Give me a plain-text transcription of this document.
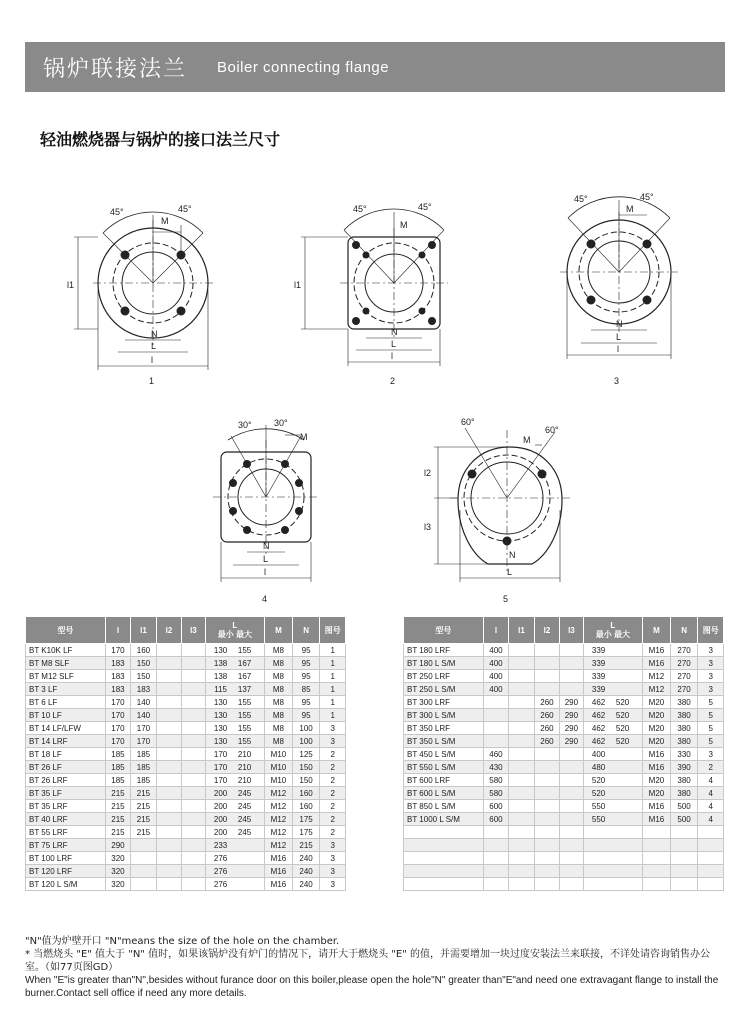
锅炉联接法兰 Boiler connecting flange
轻油燃烧器与锅炉的接口法兰尺寸
45°	45°
M
l1
N
L
l
1
45°	45°
M
l1
N
L
l
2
45°	45°
M
N
L
l
3
30° 30°
M
N
L
l
4
60°
60°
M
l2
l3
N
L
5
型号	l	l1	l2	l3	L
最小 最大	M	N	图号
BT K10K LF	170	160			130 155	M8	95	1
BT M8 SLF	183	150			138 167	M8	95	1
BT M12 SLF	183	150			138 167	M8	95	1
BT 3 LF	183	183			115 137	M8	85	1
BT 6 LF	170	140			130 155	M8	95	1
BT 10 LF	170	140			130 155	M8	95	1
BT 14 LF/LFW	170	170			130 155	M8	100	3
BT 14 LRF	170	170			130 155	M8	100	3
BT 18 LF	185	185			170 210	M10	125	2
BT 26 LF	185	185			170 210	M10	150	2
BT 26 LRF	185	185			170 210	M10	150	2
BT 35 LF	215	215			200 245	M12	160	2
BT 35 LRF	215	215			200 245	M12	160	2
BT 40 LRF	215	215			200 245	M12	175	2
BT 55 LRF	215	215			200 245	M12	175	2
BT 75 LRF	290				233	M12	215	3
BT 100 LRF	320				276	M16	240	3
BT 120 LRF	320				276	M16	240	3
BT 120 L S/M	320				276	M16	240	3
型号	l	l1	l2	l3	L
最小 最大	M	N	图号
BT 180 LRF	400				339	M16	270	3
BT 180 L S/M	400				339	M16	270	3
BT 250 LRF	400				339	M12	270	3
BT 250 L S/M	400				339	M12	270	3
BT 300 LRF			260	290	462 520	M20	380	5
BT 300 L S/M			260	290	462 520	M20	380	5
BT 350 LRF			260	290	462 520	M20	380	5
BT 350 L S/M			260	290	462 520	M20	380	5
BT 450 L S/M	460				400	M16	330	3
BT 550 L S/M	430				480	M16	390	2
BT 600 LRF	580				520	M20	380	4
BT 600 L S/M	580				520	M20	380	4
BT 850 L S/M	600				550	M16	500	4
BT 1000 L S/M	600				550	M16	500	4

"N"值为炉壁开口 "N"means the size of the hole on the chamber.

* 当燃烧头 "E" 值大于 "N" 值时，如果该锅炉没有炉门的情况下，请开大于燃烧头 "E" 的值，并需要增加一块过度安装法兰来联接，不详处请咨询销售办公室。（如77页图GD）

When "E"is greater than"N",besides without furance door on this boiler,please open the hole"N" greater than"E"and need one extravagant flange to install the burner.Contact sell office if need any more details.
